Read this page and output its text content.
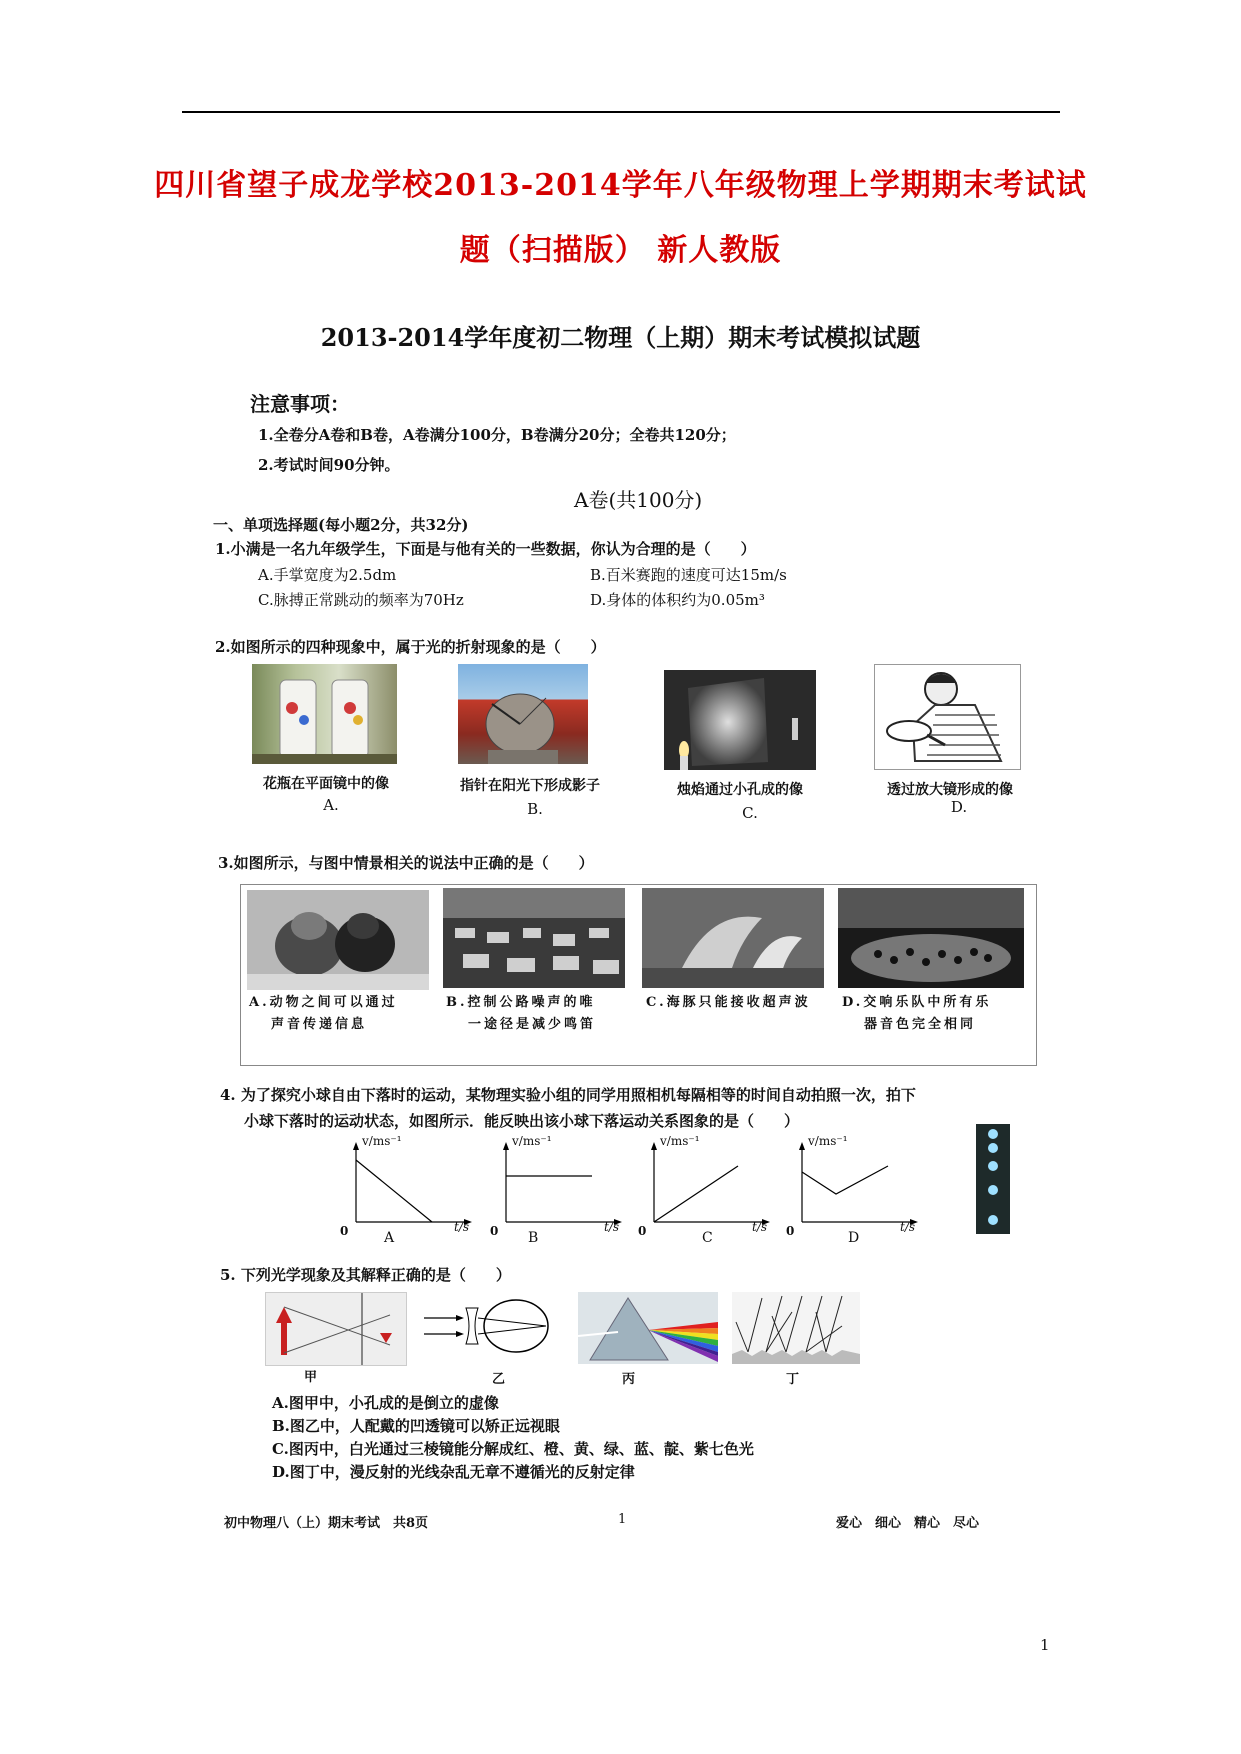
四川省望子成龙学校2013-2014学年八年级物理上学期期末考试试
题（扫描版） 新人教版
2013-2014学年度初二物理（上期）期末考试模拟试题
注意事项：
1.全卷分A卷和B卷，A卷满分100分，B卷满分20分；全卷共120分；
2.考试时间90分钟。
A卷(共100分)
一、单项选择题(每小题2分，共32分)
1.小满是一名九年级学生，下面是与他有关的一些数据，你认为合理的是（　　）
A.手掌宽度为2.5dm	B.百米赛跑的速度可达15m/s
C.脉搏正常跳动的频率为70Hz	D.身体的体积约为0.05m³
2.如图所示的四种现象中，属于光的折射现象的是（　　）
花瓶在平面镜中的像	指针在阳光下形成影子	烛焰通过小孔成的像	透过放大镜形成的像
A.	B.	C.	D.
3.如图所示，与图中情景相关的说法中正确的是（　　）
A.动物之间可以通过
声音传递信息
B.控制公路噪声的唯
一途径是减少鸣笛
C.海豚只能接收超声波 D.交响乐队中所有乐
器音色完全相同
4. 为了探究小球自由下落时的运动，某物理实验小组的同学用照相机每隔相等的时间自动拍照一次，拍下
小球下落时的运动状态，如图所示．能反映出该小球下落运动关系图象的是（　　）
v/ms⁻¹
t/s
0	A
v/ms⁻¹
t/s
0 B
v/ms⁻¹
t/s
0	C
v/ms⁻¹
t/s
0	D
5. 下列光学现象及其解释正确的是（　　）
甲	乙	丙	丁
A.图甲中，小孔成的是倒立的虚像
B.图乙中，人配戴的凹透镜可以矫正远视眼
C.图丙中，白光通过三棱镜能分解成红、橙、黄、绿、蓝、靛、紫七色光
D.图丁中，漫反射的光线杂乱无章不遵循光的反射定律
初中物理八（上）期末考试　共8页	1	爱心　细心　精心　尽心
1
